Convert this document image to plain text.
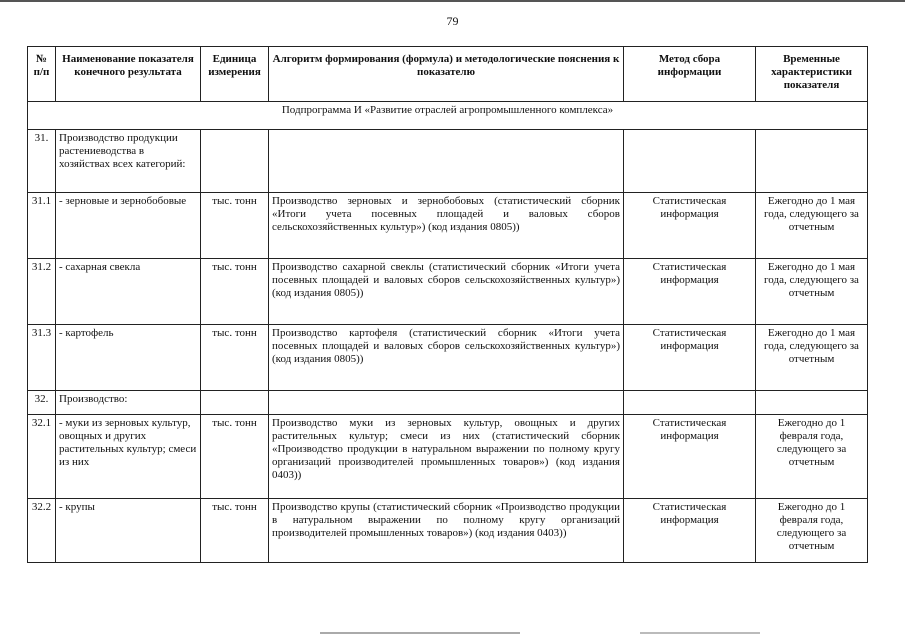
79
№ п/п	Наименование показателя конечного результата	Единица измерения	Алгоритм формирования (формула) и методологические пояснения к показателю	Метод сбора информации	Временные характеристики показателя
Подпрограмма И «Развитие отраслей агропромышленного комплекса»					
31.	Производство продукции растениеводства в хозяйствах всех категорий:				
31.1	- зерновые и зернобобовые	тыс. тонн	Производство зерновых и зернобобовых (статистический сборник «Итоги учета посевных площадей и валовых сборов сельскохозяйственных культур») (код издания 0805))	Статистическая информация	Ежегодно до 1 мая года, следующего за отчетным
31.2	- сахарная свекла	тыс. тонн	Производство сахарной свеклы (статистический сборник «Итоги учета посевных площадей и валовых сборов сельскохозяйственных культур») (код издания 0805))	Статистическая информация	Ежегодно до 1 мая года, следующего за отчетным
31.3	- картофель	тыс. тонн	Производство картофеля (статистический сборник «Итоги учета посевных площадей и валовых сборов сельскохозяйственных культур») (код издания 0805))	Статистическая информация	Ежегодно до 1 мая года, следующего за отчетным
32.	Производство:				
32.1	- муки из зерновых культур, овощных и других растительных культур; смеси из них	тыс. тонн	Производство муки из зерновых культур, овощных и других растительных культур; смеси из них (статистический сборник «Производство продукции в натуральном выражении по полному кругу организаций производителей промышленных товаров») (код издания 0403))	Статистическая информация	Ежегодно до 1 февраля года, следующего за отчетным
32.2	- крупы	тыс. тонн	Производство крупы (статистический сборник «Производство продукции в натуральном выражении по полному кругу организаций производителей промышленных товаров») (код издания 0403))	Статистическая информация	Ежегодно до 1 февраля года, следующего за отчетным
